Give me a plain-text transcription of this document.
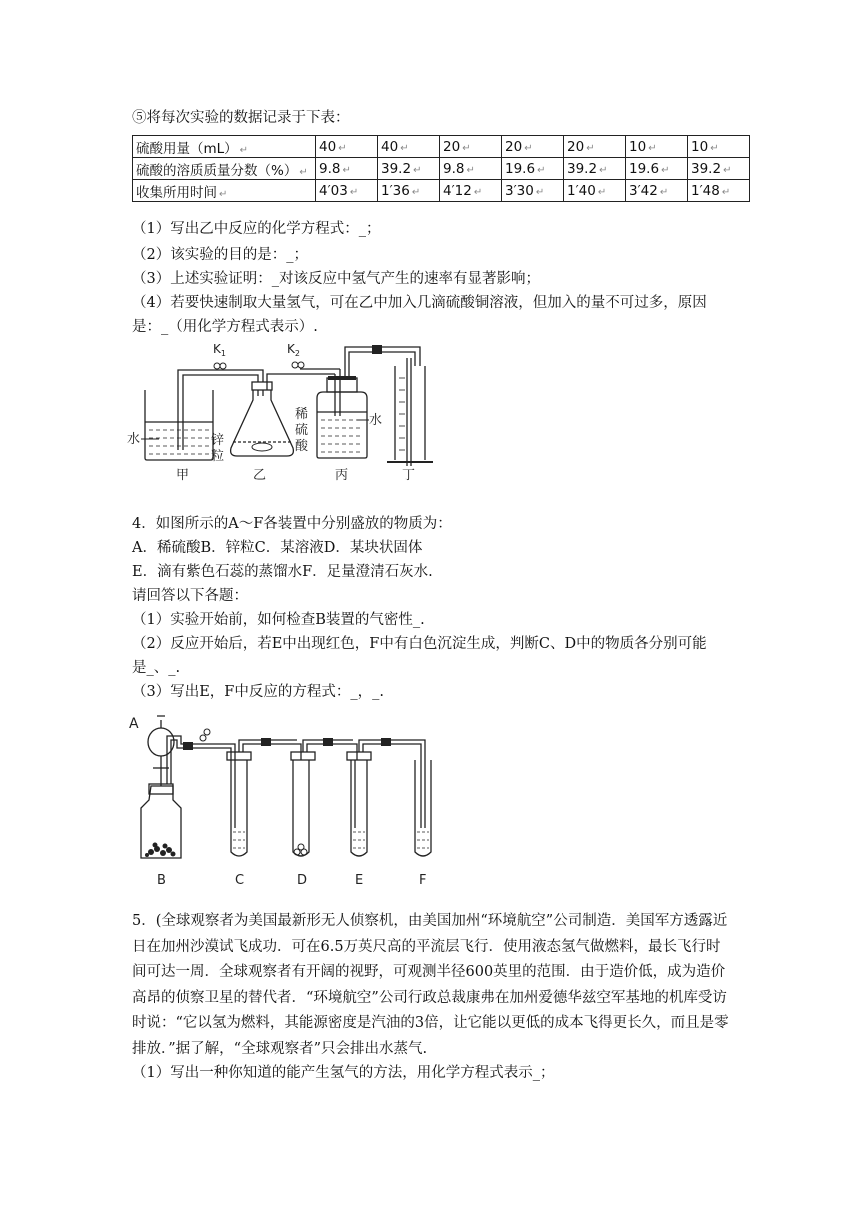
⑤将每次实验的数据记录于下表：
硫酸用量（mL） ↵	40 ↵	40 ↵	20 ↵	20 ↵	20 ↵	10 ↵	10 ↵
硫酸的溶质质量分数（%） ↵	9.8 ↵	39.2 ↵	9.8 ↵	19.6 ↵	39.2 ↵	19.6 ↵	39.2 ↵
收集所用时间 ↵	4′03 ↵	1′36 ↵	4′12 ↵	3′30 ↵	1′40 ↵	3′42 ↵	1′48 ↵
（1）写出乙中反应的化学方程式：_；
（2）该实验的目的是：_；
（3）上述实验证明：_对该反应中氢气产生的速率有显著影响；
（4）若要快速制取大量氢气，可在乙中加入几滴硫酸铜溶液，但加入的量不可过多，原因
是：_（用化学方程式表示）.
$K_1$	$K_2$
水	锌
粒
稀
硫
酸
水
甲	乙	丙	丁
4．如图所示的A～F各装置中分别盛放的物质为：
A．稀硫酸B．锌粒C．某溶液D．某块状固体
E．滴有紫色石蕊的蒸馏水F．足量澄清石灰水.
请回答以下各题：
（1）实验开始前，如何检查B装置的气密性_.
（2）反应开始后，若E中出现红色，F中有白色沉淀生成，判断C、D中的物质各分别可能
是_、_.
（3）写出E，F中反应的方程式：_，_.
A
B	C	D	E	F
5．(全球观察者为美国最新形无人侦察机，由美国加州“环境航空”公司制造．美国军方透露近日在加州沙漠试飞成功．可在6.5万英尺高的平流层飞行．使用液态氢气做燃料，最长飞行时间可达一周．全球观察者有开阔的视野，可观测半径600英里的范围．由于造价低，成为造价高昂的侦察卫星的替代者．“环境航空”公司行政总裁康弗在加州爱德华兹空军基地的机库受访时说：“它以氢为燃料，其能源密度是汽油的3倍，让它能以更低的成本飞得更长久，而且是零排放．”据了解，“全球观察者”只会排出水蒸气.
（1）写出一种你知道的能产生氢气的方法，用化学方程式表示_；
